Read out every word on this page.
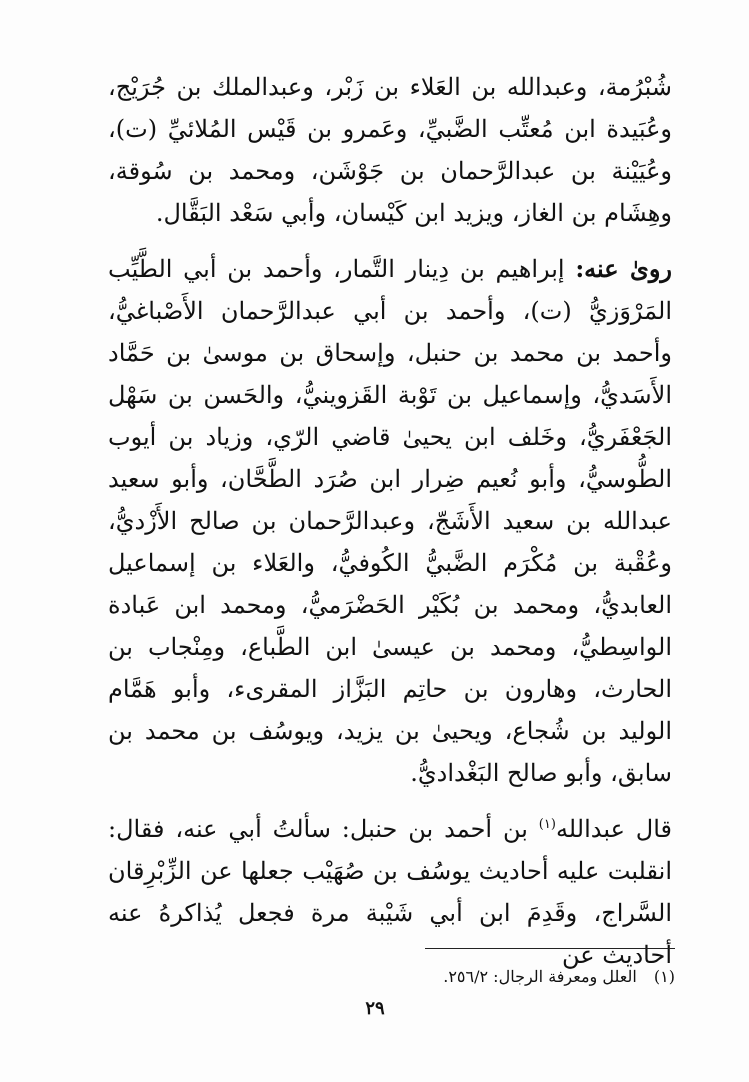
شُبْرُمة، وعبدالله بن العَلاء بن زَبْر، وعبدالملك بن جُرَيْج، وعُبَيدة ابن مُعتِّب الضَّبيِّ، وعَمرو بن قَيْس المُلائيِّ (ت)، وعُيَيْنة بن عبدالرَّحمان بن جَوْشَن، ومحمد بن سُوقة، وهِشَام بن الغاز، ويزيد ابن كَيْسان، وأبي سَعْد البَقَّال.

روىٰ عنه: إبراهيم بن دِينار التَّمار، وأحمد بن أبي الطَّيِّب المَرْوَزيُّ (ت)، وأحمد بن أبي عبدالرَّحمان الأَصْباغيُّ، وأحمد بن محمد بن حنبل، وإسحاق بن موسىٰ بن حَمَّاد الأَسَديُّ، وإسماعيل بن تَوْبة القَزوينيُّ، والحَسن بن سَهْل الجَعْفَريُّ، وخَلف ابن يحيىٰ قاضي الرّي، وزياد بن أيوب الطُّوسيُّ، وأبو نُعيم ضِرار ابن صُرَد الطَّحَّان، وأبو سعيد عبدالله بن سعيد الأَشَجّ، وعبدالرَّحمان بن صالح الأَزْديُّ، وعُقْبة بن مُكْرَم الضَّبيُّ الكُوفيُّ، والعَلاء بن إسماعيل العابديُّ، ومحمد بن بُكَيْر الحَضْرَميُّ، ومحمد ابن عَبادة الواسِطيُّ، ومحمد بن عيسىٰ ابن الطَّباع، ومِنْجاب بن الحارث، وهارون بن حاتِم البَزَّاز المقرىء، وأبو هَمَّام الوليد بن شُجاع، ويحيىٰ بن يزيد، ويوسُف بن محمد بن سابق، وأبو صالح البَغْداديُّ.

قال عبدالله$^{(١)}$ بن أحمد بن حنبل: سألتُ أبي عنه، فقال: انقلبت عليه أحاديث يوسُف بن صُهَيْب جعلها عن الزِّبْرِقان السَّراج، وقَدِمَ ابن أبي شَيْبة مرة فجعل يُذاكرهُ عنه أحاديث عن

(١) العلل ومعرفة الرجال: ٢٥٦/٢.
٢٩
